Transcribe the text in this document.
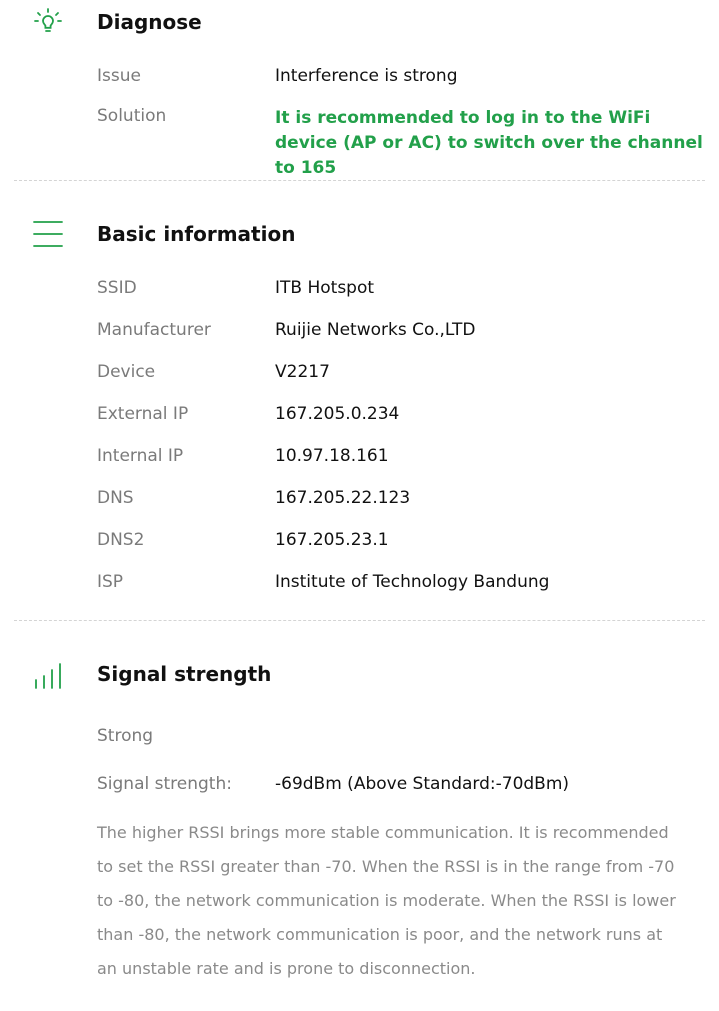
Diagnose
Issue	Interference is strong
Solution	It is recommended to log in to the WiFi device (AP or AC) to switch over the channel to 165
Basic information
SSID	ITB Hotspot
Manufacturer	Ruijie Networks Co.,LTD
Device	V2217
External IP	167.205.0.234
Internal IP	10.97.18.161
DNS	167.205.22.123
DNS2	167.205.23.1
ISP	Institute of Technology Bandung
Signal strength
Strong
Signal strength:	-69dBm (Above Standard:-70dBm)
The higher RSSI brings more stable communication. It is recommended to set the RSSI greater than -70. When the RSSI is in the range from -70 to -80, the network communication is moderate. When the RSSI is lower than -80, the network communication is poor, and the network runs at an unstable rate and is prone to disconnection.
